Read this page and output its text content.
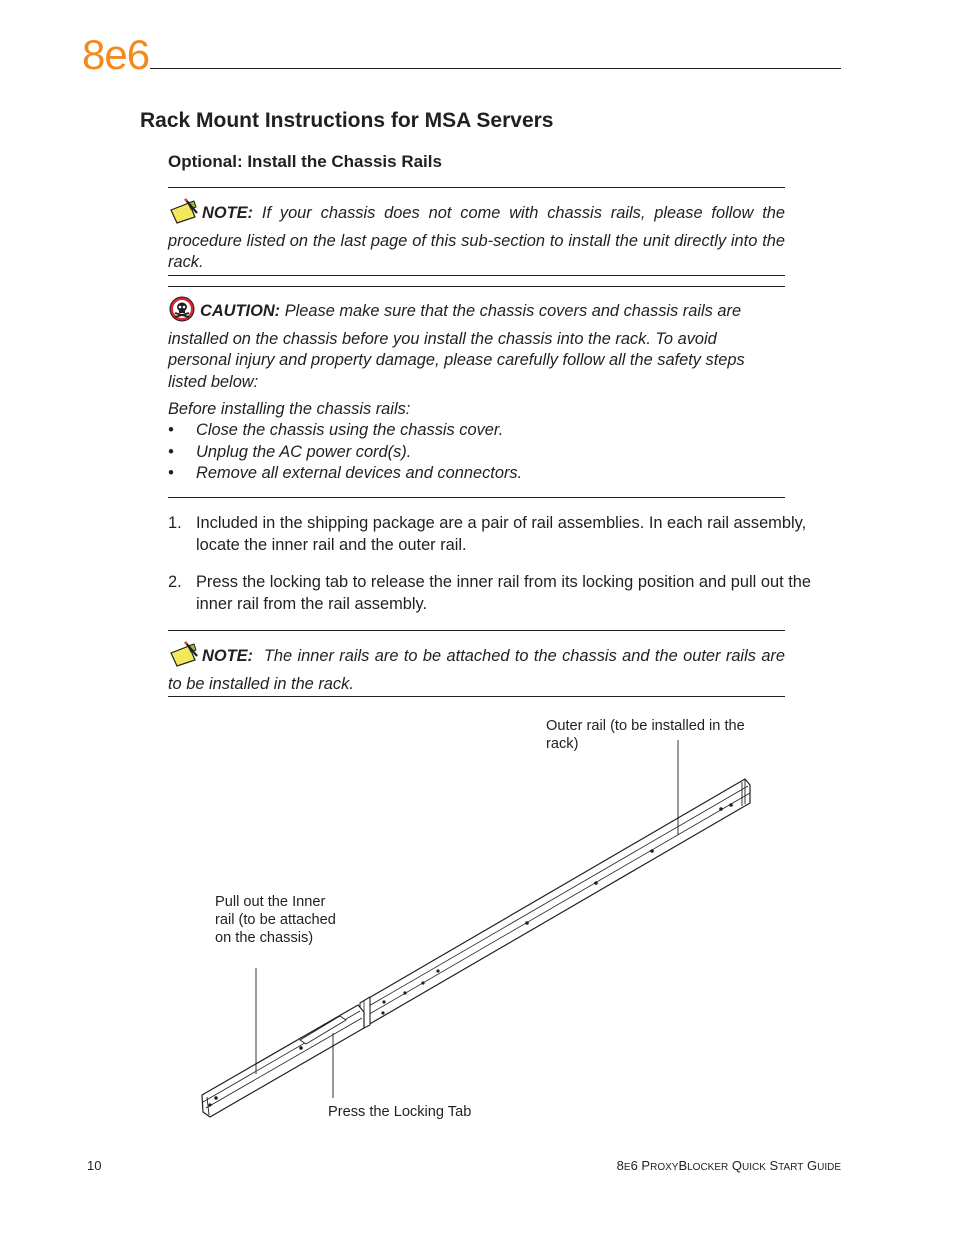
8e6
Rack Mount Instructions for MSA Servers
Optional: Install the Chassis Rails
NOTE: If your chassis does not come with chassis rails, please follow the procedure listed on the last page of this sub-section to install the unit directly into the rack.
CAUTION: Please make sure that the chassis covers and chassis rails are
installed on the chassis before you install the chassis into the rack. To avoid
personal injury and property damage, please carefully follow all the safety steps
listed below:
Before installing the chassis rails:
• Close the chassis using the chassis cover.
• Unplug the AC power cord(s).
• Remove all external devices and connectors.
1. Included in the shipping package are a pair of rail assemblies. In each rail assembly, locate the inner rail and the outer rail.
2. Press the locking tab to release the inner rail from its locking position and pull out the inner rail from the rail assembly.
NOTE: The inner rails are to be attached to the chassis and the outer rails are to be installed in the rack.
Outer rail (to be installed in the
rack)
Pull out the Inner
rail (to be attached
on the chassis)
Press the Locking Tab
10	8E6 PROXYBLOCKER QUICK START GUIDE
